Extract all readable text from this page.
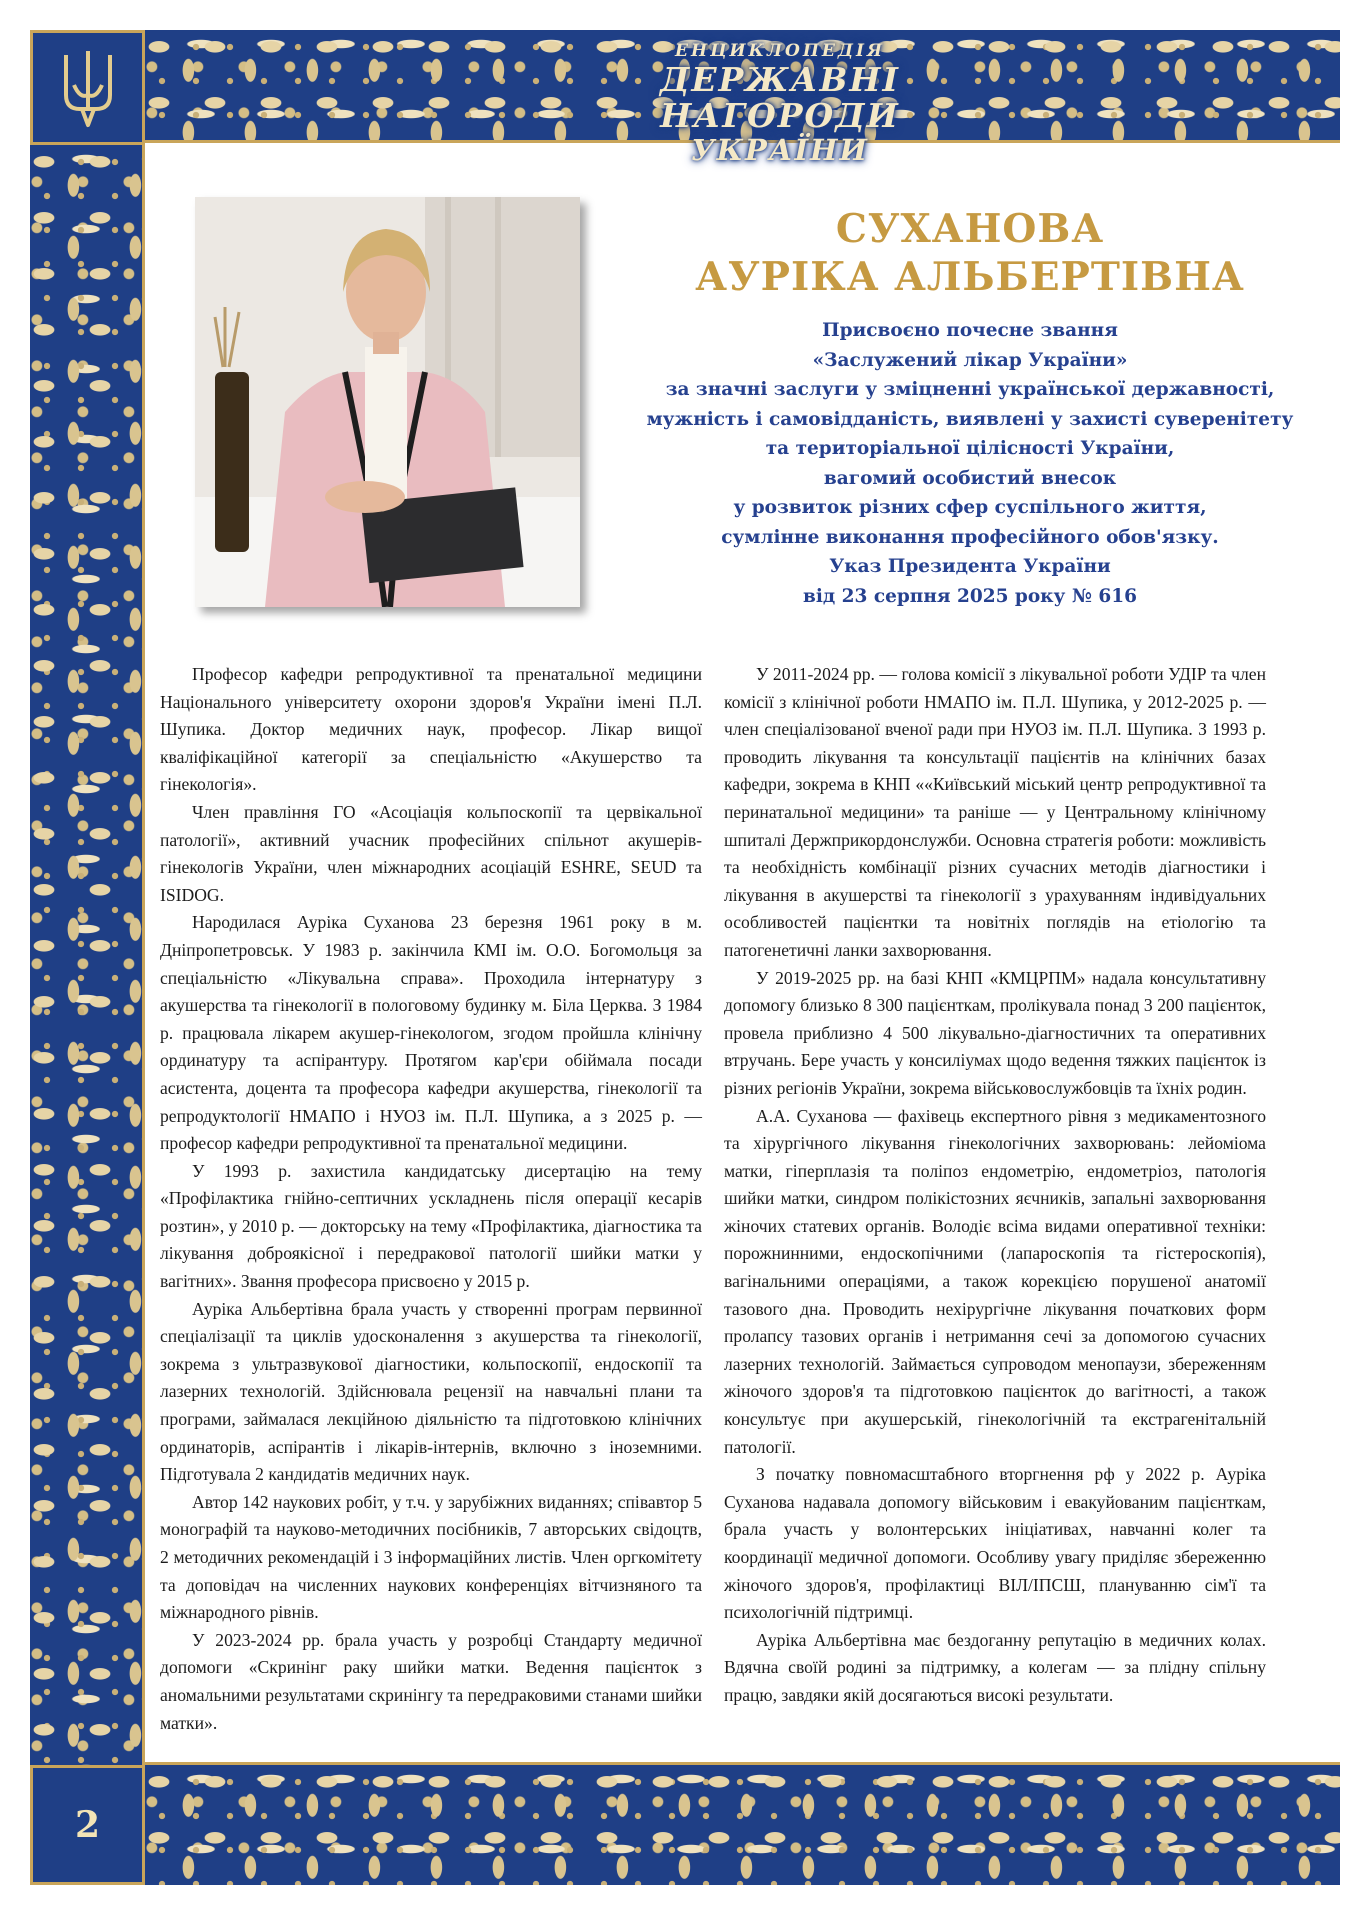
ЕНЦИКЛОПЕДІЯ
ДЕРЖАВНІ НАГОРОДИ
УКРАЇНИ
2
СУХАНОВА
АУРІКА АЛЬБЕРТІВНА
Присвоєно почесне звання
«Заслужений лікар України»
за значні заслуги у зміцненні української державності,
мужність і самовідданість, виявлені у захисті суверенітету
та територіальної цілісності України,
вагомий особистий внесок
у розвиток різних сфер суспільного життя,
сумлінне виконання професійного обов'язку.
Указ Президента України
від 23 серпня 2025 року № 616

Професор кафедри репродуктивної та пренатальної медицини Національного університету охорони здоров'я України імені П.Л. Шупика. Доктор медичних наук, професор. Лікар вищої кваліфікаційної категорії за спеціальністю «Акушерство та гінекологія».

Член правління ГО «Асоціація кольпоскопії та цервікальної патології», активний учасник професійних спільнот акушерів-гінекологів України, член міжнародних асоціацій ESHRE, SEUD та ISIDOG.

Народилася Ауріка Суханова 23 березня 1961 року в м. Дніпропетровськ. У 1983 р. закінчила КМІ ім. О.О. Богомольця за спеціальністю «Лікувальна справа». Проходила інтернатуру з акушерства та гінекології в пологовому будинку м. Біла Церква. З 1984 р. працювала лікарем акушер-гінекологом, згодом пройшла клінічну ординатуру та аспірантуру. Протягом кар'єри обіймала посади асистента, доцента та професора кафедри акушерства, гінекології та репродуктології НМАПО і НУОЗ ім. П.Л. Шупика, а з 2025 р. — професор кафедри репродуктивної та пренатальної медицини.

У 1993 р. захистила кандидатську дисертацію на тему «Профілактика гнійно-септичних ускладнень після операції кесарів розтин», у 2010 р. — докторську на тему «Профілактика, діагностика та лікування доброякісної і передракової патології шийки матки у вагітних». Звання професора присвоєно у 2015 р.

Ауріка Альбертівна брала участь у створенні програм первинної спеціалізації та циклів удосконалення з акушерства та гінекології, зокрема з ультразвукової діагностики, кольпоскопії, ендоскопії та лазерних технологій. Здійснювала рецензії на навчальні плани та програми, займалася лекційною діяльністю та підготовкою клінічних ординаторів, аспірантів і лікарів-інтернів, включно з іноземними. Підготувала 2 кандидатів медичних наук.

Автор 142 наукових робіт, у т.ч. у зарубіжних виданнях; співавтор 5 монографій та науково-методичних посібників, 7 авторських свідоцтв, 2 методичних рекомендацій і 3 інформаційних листів. Член оргкомітету та доповідач на численних наукових конференціях вітчизняного та міжнародного рівнів.

У 2023-2024 рр. брала участь у розробці Стандарту медичної допомоги «Скринінг раку шийки матки. Ведення пацієнток з аномальними результатами скринінгу та передраковими станами шийки матки».

У 2011-2024 рр. — голова комісії з лікувальної роботи УДІР та член комісії з клінічної роботи НМАПО ім. П.Л. Шупика, у 2012-2025 р. — член спеціалізованої вченої ради при НУОЗ ім. П.Л. Шупика. З 1993 р. проводить лікування та консультації пацієнтів на клінічних базах кафедри, зокрема в КНП ««Київський міський центр репродуктивної та перинатальної медицини» та раніше — у Центральному клінічному шпиталі Держприкордонслужби. Основна стратегія роботи: можливість та необхідність комбінації різних сучасних методів діагностики і лікування в акушерстві та гінекології з урахуванням індивідуальних особливостей пацієнтки та новітніх поглядів на етіологію та патогенетичні ланки захворювання.

У 2019-2025 рр. на базі КНП «КМЦРПМ» надала консультативну допомогу близько 8 300 пацієнткам, пролікувала понад 3 200 пацієнток, провела приблизно 4 500 лікувально-діагностичних та оперативних втручань. Бере участь у консиліумах щодо ведення тяжких пацієнток із різних регіонів України, зокрема військовослужбовців та їхніх родин.

А.А. Суханова — фахівець експертного рівня з медикаментозного та хірургічного лікування гінекологічних захворювань: лейоміома матки, гіперплазія та поліпоз ендометрію, ендометріоз, патологія шийки матки, синдром полікістозних яєчників, запальні захворювання жіночих статевих органів. Володіє всіма видами оперативної техніки: порожнинними, ендоскопічними (лапароскопія та гістероскопія), вагінальними операціями, а також корекцією порушеної анатомії тазового дна. Проводить нехірургічне лікування початкових форм пролапсу тазових органів і нетримання сечі за допомогою сучасних лазерних технологій. Займається супроводом менопаузи, збереженням жіночого здоров'я та підготовкою пацієнток до вагітності, а також консультує при акушерській, гінекологічній та екстрагенітальній патології.

З початку повномасштабного вторгнення рф у 2022 р. Ауріка Суханова надавала допомогу військовим і евакуйованим пацієнткам, брала участь у волонтерських ініціативах, навчанні колег та координації медичної допомоги. Особливу увагу приділяє збереженню жіночого здоров'я, профілактиці ВІЛ/ІПСШ, плануванню сім'ї та психологічній підтримці.

Ауріка Альбертівна має бездоганну репутацію в медичних колах. Вдячна своїй родині за підтримку, а колегам — за плідну спільну працю, завдяки якій досягаються високі результати.
